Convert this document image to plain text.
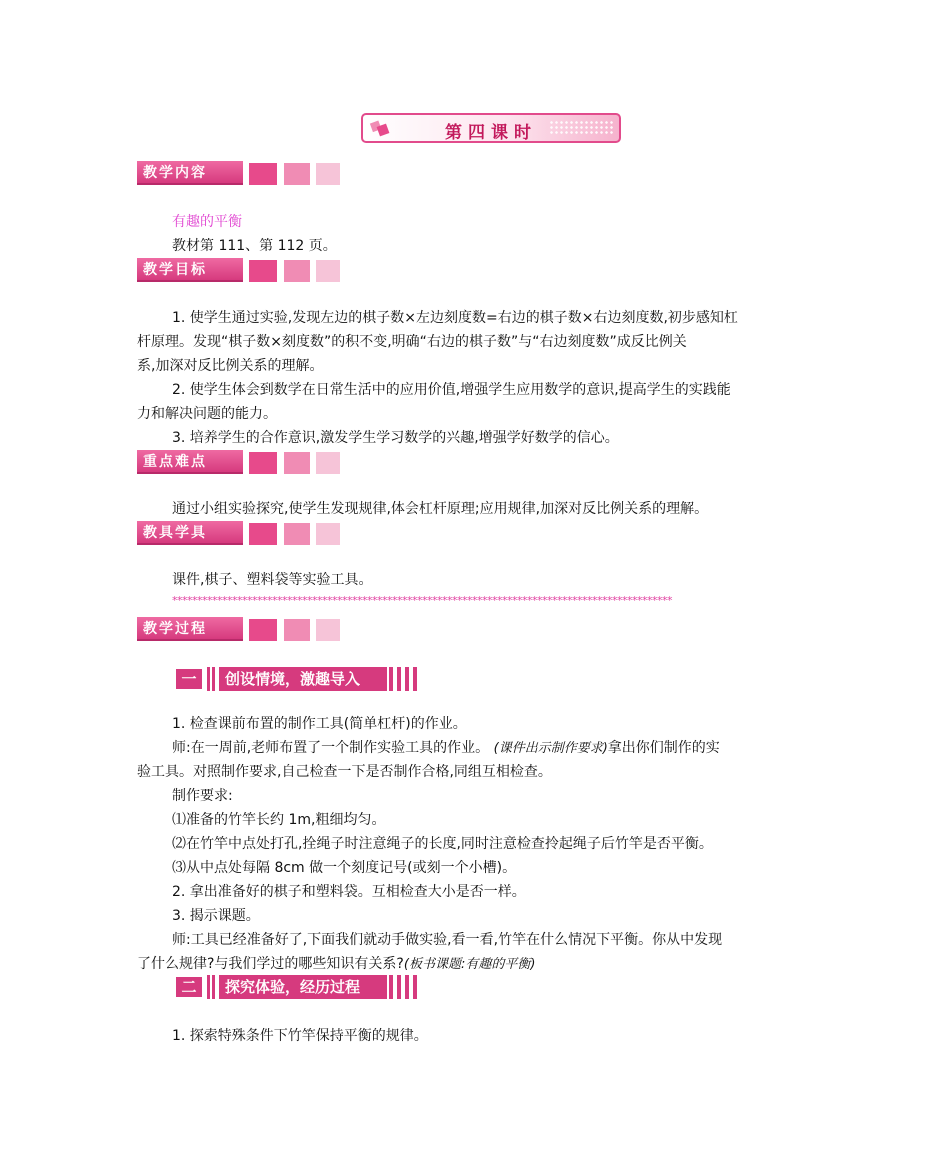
第四课时
教学内容
有趣的平衡
教材第 111、第 112 页。
教学目标
1. 使学生通过实验,发现左边的棋子数×左边刻度数=右边的棋子数×右边刻度数,初步感知杠
杆原理。发现“棋子数×刻度数”的积不变,明确“右边的棋子数”与“右边刻度数”成反比例关
系,加深对反比例关系的理解。
2. 使学生体会到数学在日常生活中的应用价值,增强学生应用数学的意识,提高学生的实践能
力和解决问题的能力。
3. 培养学生的合作意识,激发学生学习数学的兴趣,增强学好数学的信心。
重点难点
通过小组实验探究,使学生发现规律,体会杠杆原理;应用规律,加深对反比例关系的理解。
教具学具
课件,棋子、塑料袋等实验工具。
****************************************************************************************************
教学过程
一	创设情境，激趣导入
1. 检查课前布置的制作工具(简单杠杆)的作业。
师:在一周前,老师布置了一个制作实验工具的作业。 (课件出示制作要求)拿出你们制作的实
验工具。对照制作要求,自己检查一下是否制作合格,同组互相检查。
制作要求:
⑴准备的竹竿长约 1m,粗细均匀。
⑵在竹竿中点处打孔,拴绳子时注意绳子的长度,同时注意检查拎起绳子后竹竿是否平衡。
⑶从中点处每隔 8cm 做一个刻度记号(或刻一个小槽)。
2. 拿出准备好的棋子和塑料袋。互相检查大小是否一样。
3. 揭示课题。
师:工具已经准备好了,下面我们就动手做实验,看一看,竹竿在什么情况下平衡。你从中发现
了什么规律?与我们学过的哪些知识有关系?(板书课题:有趣的平衡)
二	探究体验，经历过程
1. 探索特殊条件下竹竿保持平衡的规律。
